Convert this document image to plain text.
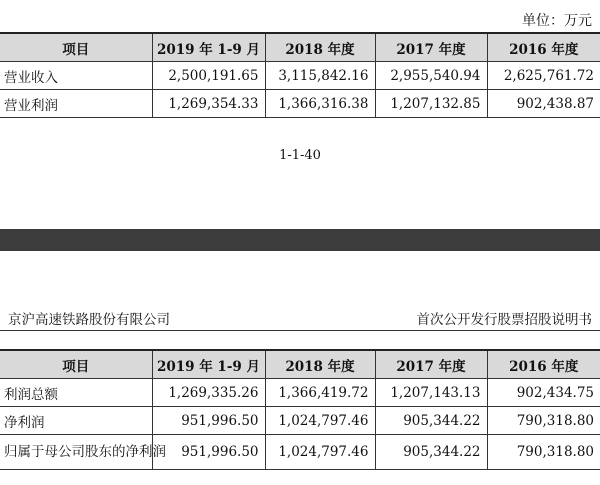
单位：万元
项目	2019 年 1-9 月	2018 年度	2017 年度	2016 年度
营业收入	2,500,191.65	3,115,842.16	2,955,540.94	2,625,761.72
营业利润	1,269,354.33	1,366,316.38	1,207,132.85	902,438.87
1-1-40
京沪高速铁路股份有限公司	首次公开发行股票招股说明书
项目	2019 年 1-9 月	2018 年度	2017 年度	2016 年度
利润总额	1,269,335.26	1,366,419.72	1,207,143.13	902,434.75
净利润	951,996.50	1,024,797.46	905,344.22	790,318.80
归属于母公司股东的净利润	951,996.50	1,024,797.46	905,344.22	790,318.80
